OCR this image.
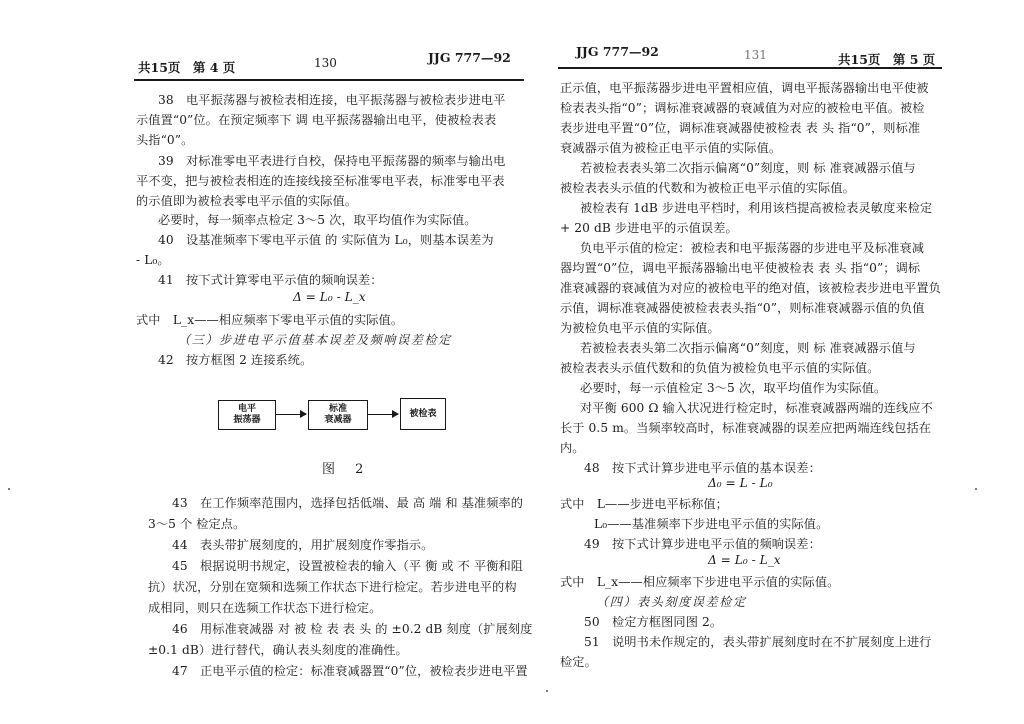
共15页　第 4 页	130	JJG 777—92
38　电平振荡器与被检表相连接，电平振荡器与被检表步进电平
示值置“0”位。在预定频率下 调 电平振荡器输出电平，使被检表表
头指“0”。
39　对标准零电平表进行自校，保持电平振荡器的频率与输出电
平不变，把与被检表相连的连接线接至标准零电平表，标准零电平表
的示值即为被检表零电平示值的实际值。
必要时，每一频率点检定 3～5 次，取平均值作为实际值。
40　设基准频率下零电平示值 的 实际值为 L₀，则基本误差为
- L₀。
41　按下式计算零电平示值的频响误差：
Δ = L₀ - L_x
式中　L_x——相应频率下零电平示值的实际值。
（三）步进电平示值基本误差及频响误差检定
42　按方框图 2 连接系统。
电平
振荡器
标准
衰减器
被检表
图 2
43　在工作频率范围内，选择包括低端、最 高 端 和 基准频率的
3～5 个 检定点。
44　表头带扩展刻度的，用扩展刻度作零指示。
45　根据说明书规定，设置被检表的输入（平 衡 或 不 平衡和阻
抗）状况，分别在宽频和选频工作状态下进行检定。若步进电平的构
成相同，则只在选频工作状态下进行检定。
46　用标准衰减器 对 被 检 表 表 头 的 ±0.2 dB 刻度（扩展刻度
±0.1 dB）进行替代，确认表头刻度的准确性。
47　正电平示值的检定：标准衰减器置“0”位，被检表步进电平置
JJG 777—92	131	共15页　第 5 页
正示值，电平振荡器步进电平置相应值，调电平振荡器输出电平使被
检表表头指“0”；调标准衰减器的衰减值为对应的被检电平值。被检
表步进电平置“0”位，调标准衰减器使被检表 表 头 指“0”，则标准
衰减器示值为被检正电平示值的实际值。
若被检表表头第二次指示偏离“0”刻度，则 标 准衰减器示值与
被检表表头示值的代数和为被检正电平示值的实际值。
被检表有 1dB 步进电平档时，利用该档提高被检表灵敏度来检定
+ 20 dB 步进电平的示值误差。
负电平示值的检定：被检表和电平振荡器的步进电平及标准衰减
器均置“0”位，调电平振荡器输出电平使被检表 表 头 指“0”；调标
准衰减器的衰减值为对应的被检电平的绝对值，该被检表步进电平置负
示值，调标准衰减器使被检表表头指“0”，则标准衰减器示值的负值
为被检负电平示值的实际值。
若被检表表头第二次指示偏离“0”刻度，则 标 准衰减器示值与
被检表表头示值代数和的负值为被检负电平示值的实际值。
必要时，每一示值检定 3～5 次，取平均值作为实际值。
对平衡 600 Ω 输入状况进行检定时，标准衰减器两端的连线应不
长于 0.5 m。当频率较高时，标准衰减器的误差应把两端连线包括在
内。
48　按下式计算步进电平示值的基本误差：
Δ₀ = L - L₀
式中　L——步进电平标称值；
L₀——基准频率下步进电平示值的实际值。
49　按下式计算步进电平示值的频响误差：
Δ = L₀ - L_x
式中　L_x——相应频率下步进电平示值的实际值。
（四）表头刻度误差检定
50　检定方框图同图 2。
51　说明书未作规定的，表头带扩展刻度时在不扩展刻度上进行
检定。
